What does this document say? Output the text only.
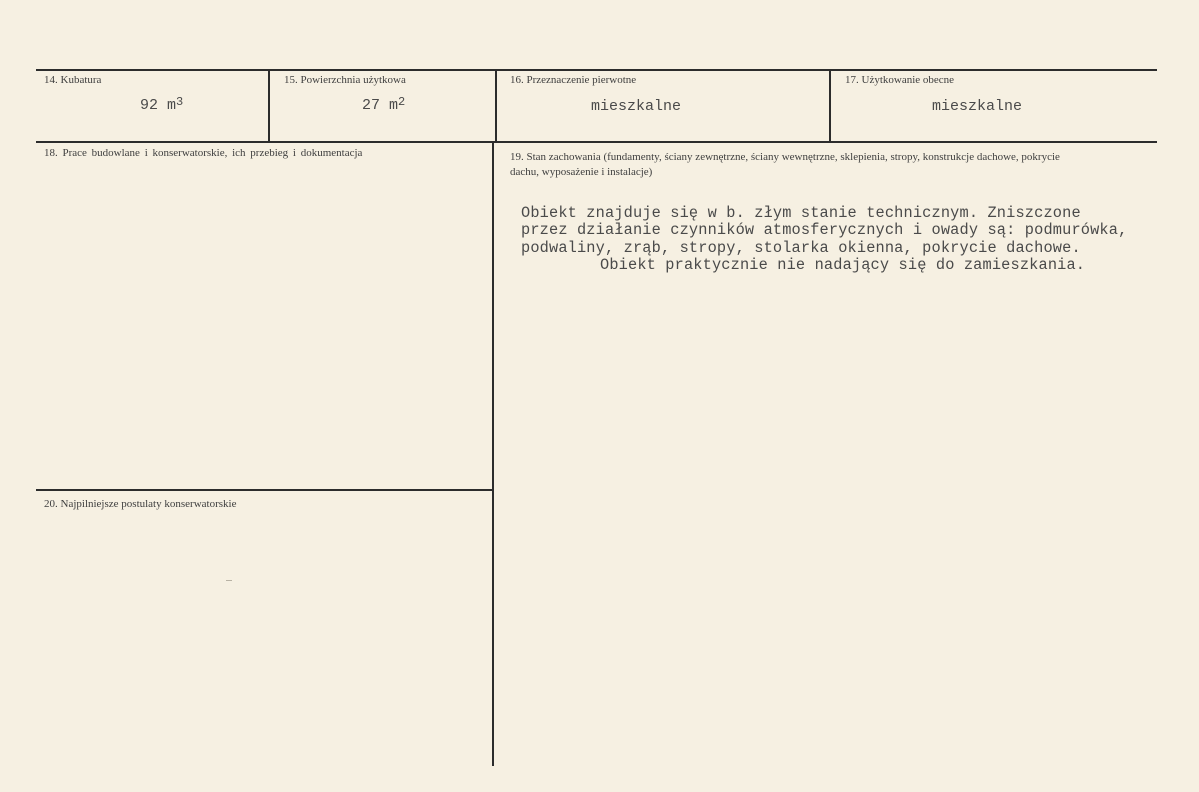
14. Kubatura
92 $m^3$
15. Powierzchnia użytkowa
27 $m^2$
16. Przeznaczenie pierwotne
mieszkalne
17. Użytkowanie obecne
mieszkalne
18. Prace budowlane i konserwatorskie, ich przebieg i dokumentacja	19. Stan zachowania (fundamenty, ściany zewnętrzne, ściany wewnętrzne, sklepienia, stropy, konstrukcje dachowe, pokrycie dachu, wyposażenie i instalacje)
Obiekt znajduje się w b. złym stanie technicznym. Zniszczone
przez działanie czynników atmosferycznych i owady są: podmurówka,
podwaliny, zrąb, stropy, stolarka okienna, pokrycie dachowe.
Obiekt praktycznie nie nadający się do zamieszkania.
20. Najpilniejsze postulaty konserwatorskie
